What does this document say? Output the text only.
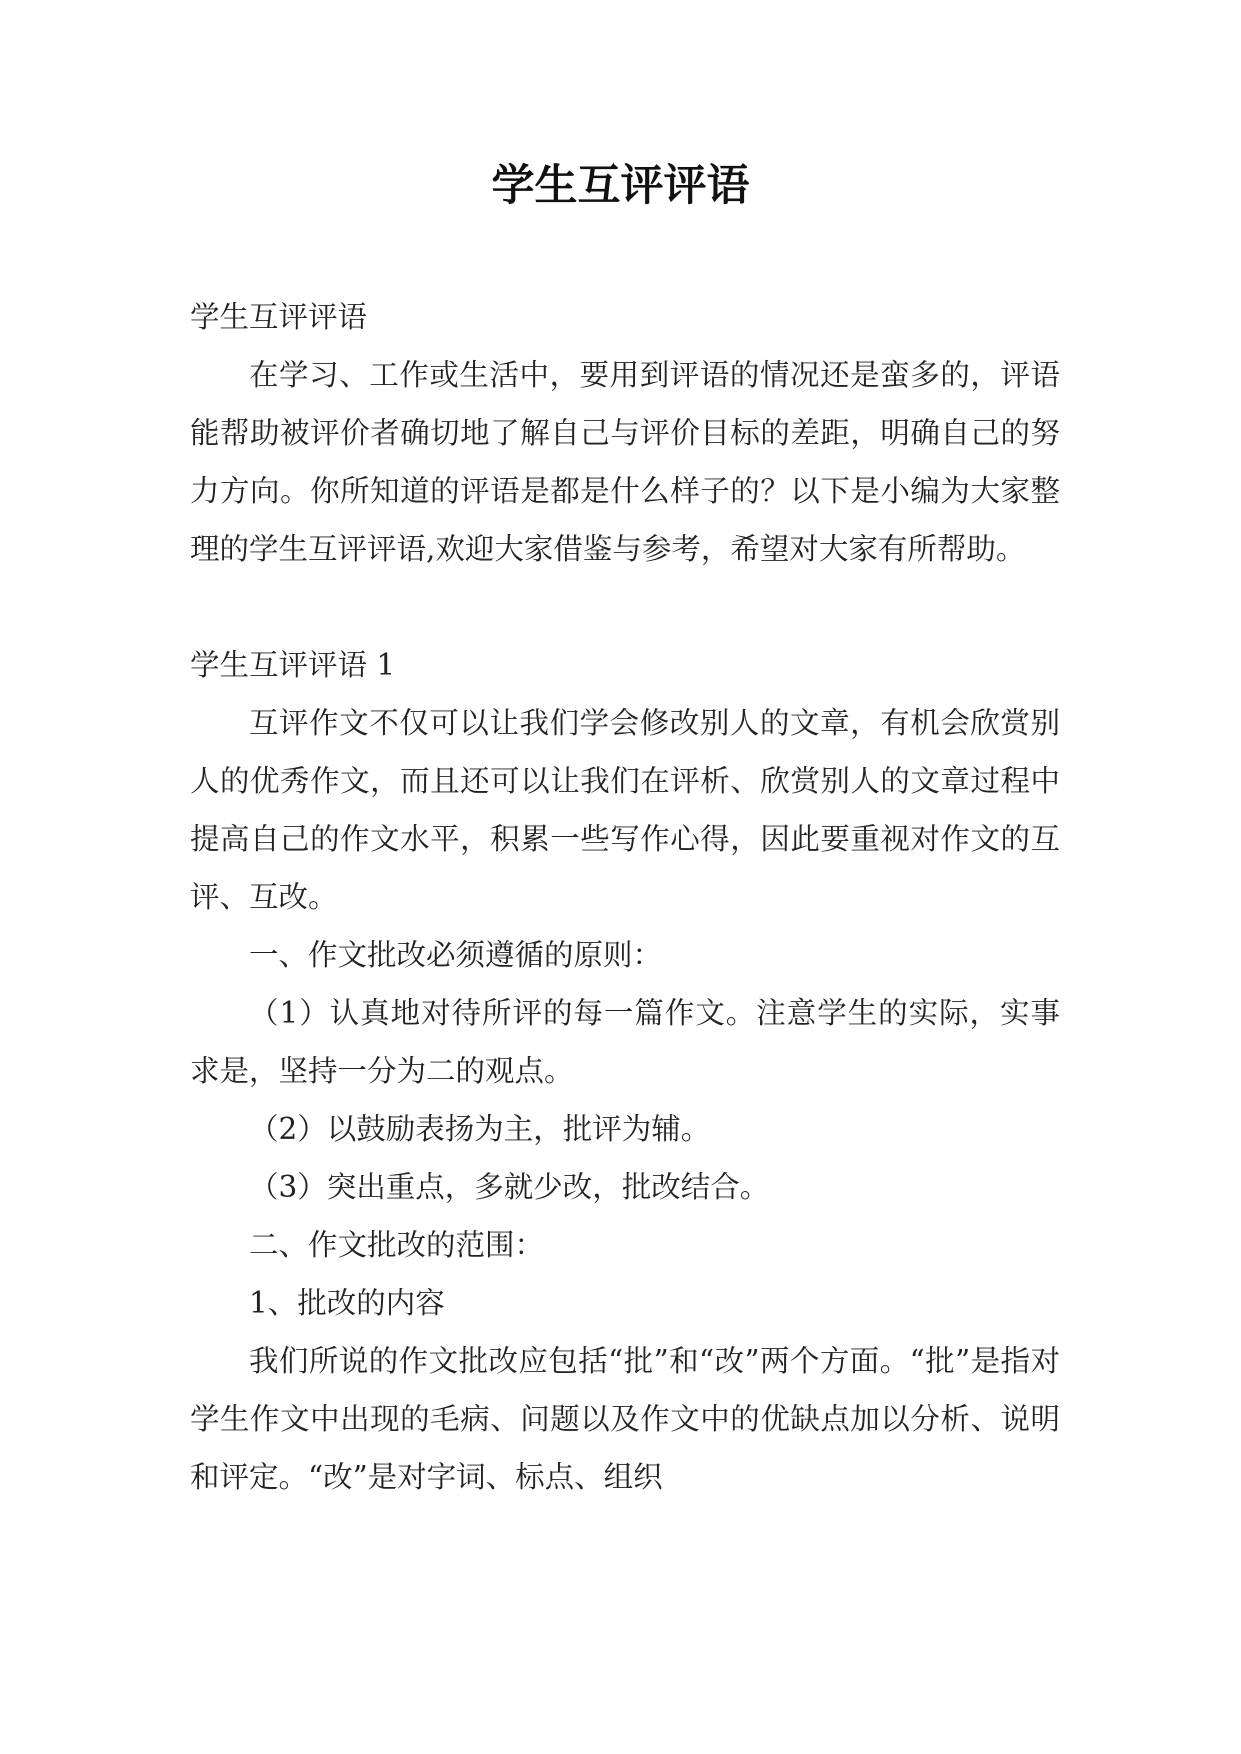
学生互评评语

学生互评评语

在学习、工作或生活中，要用到评语的情况还是蛮多的，评语能帮助被评价者确切地了解自己与评价目标的差距，明确自己的努力方向。你所知道的评语是都是什么样子的？以下是小编为大家整理的学生互评评语,欢迎大家借鉴与参考，希望对大家有所帮助。

学生互评评语 1

互评作文不仅可以让我们学会修改别人的文章，有机会欣赏别人的优秀作文，而且还可以让我们在评析、欣赏别人的文章过程中提高自己的作文水平，积累一些写作心得，因此要重视对作文的互评、互改。

一、作文批改必须遵循的原则：

（1）认真地对待所评的每一篇作文。注意学生的实际，实事求是，坚持一分为二的观点。

（2）以鼓励表扬为主，批评为辅。

（3）突出重点，多就少改，批改结合。

二、作文批改的范围：

1、批改的内容

我们所说的作文批改应包括“批”和“改”两个方面。“批”是指对学生作文中出现的毛病、问题以及作文中的优缺点加以分析、说明和评定。“改”是对字词、标点、组织
